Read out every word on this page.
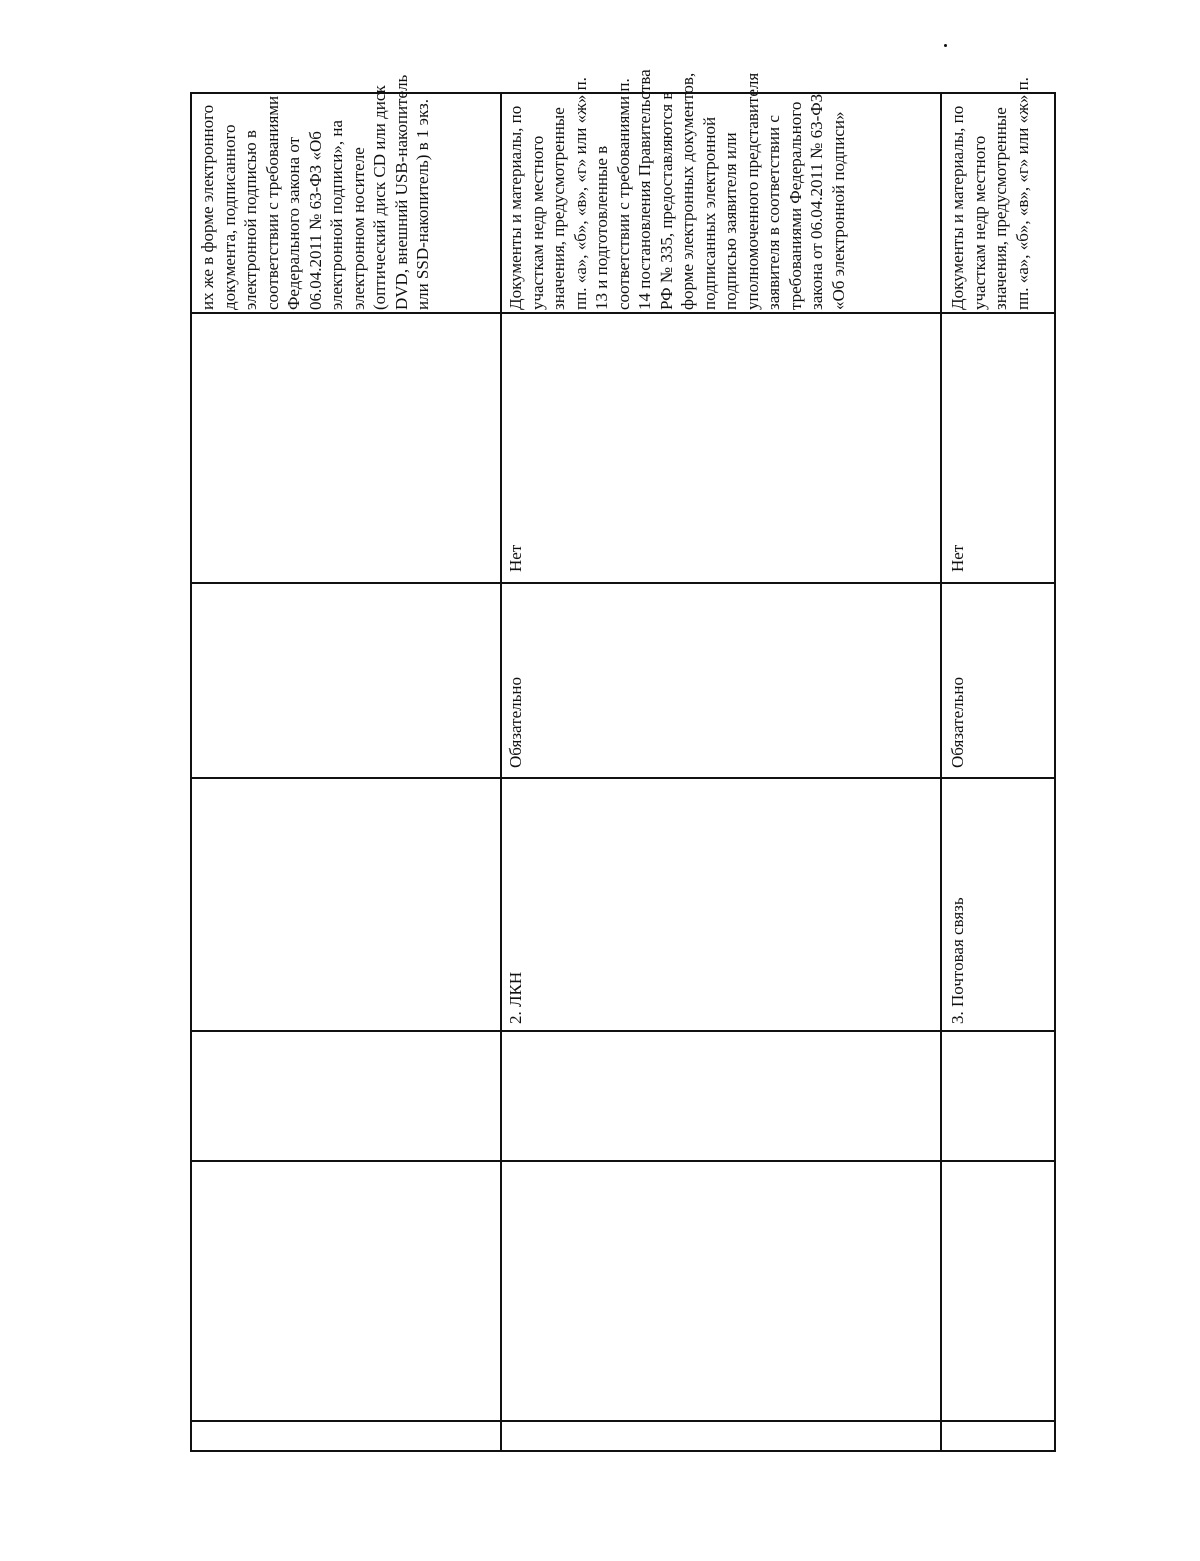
их же в форме электронного документа, подписанного электронной подписью в соответствии с требованиями Федерального закона от 06.04.2011 № 63-ФЗ «Об электронной подписи», на электронном носителе (оптический диск CD или диск DVD, внешний USB-накопитель или SSD-накопитель) в 1 экз.	Документы и материалы, по участкам недр местного значения, предусмотренные пп. «а», «б», «в», «г» или «ж» п. 13 и подготовленные в соответствии с требованиями п. 14 постановления Правительства РФ № 335, предоставляются в форме электронных документов, подписанных электронной подписью заявителя или уполномоченного представителя заявителя в соответствии с требованиями Федерального закона от 06.04.2011 № 63-ФЗ «Об электронной подписи»
Нет
Обязательно
2. ЛКН
Документы и материалы, по участкам недр местного значения, предусмотренные пп. «а», «б», «в», «г» или «ж» п.
Нет
Обязательно
3. Почтовая связь
